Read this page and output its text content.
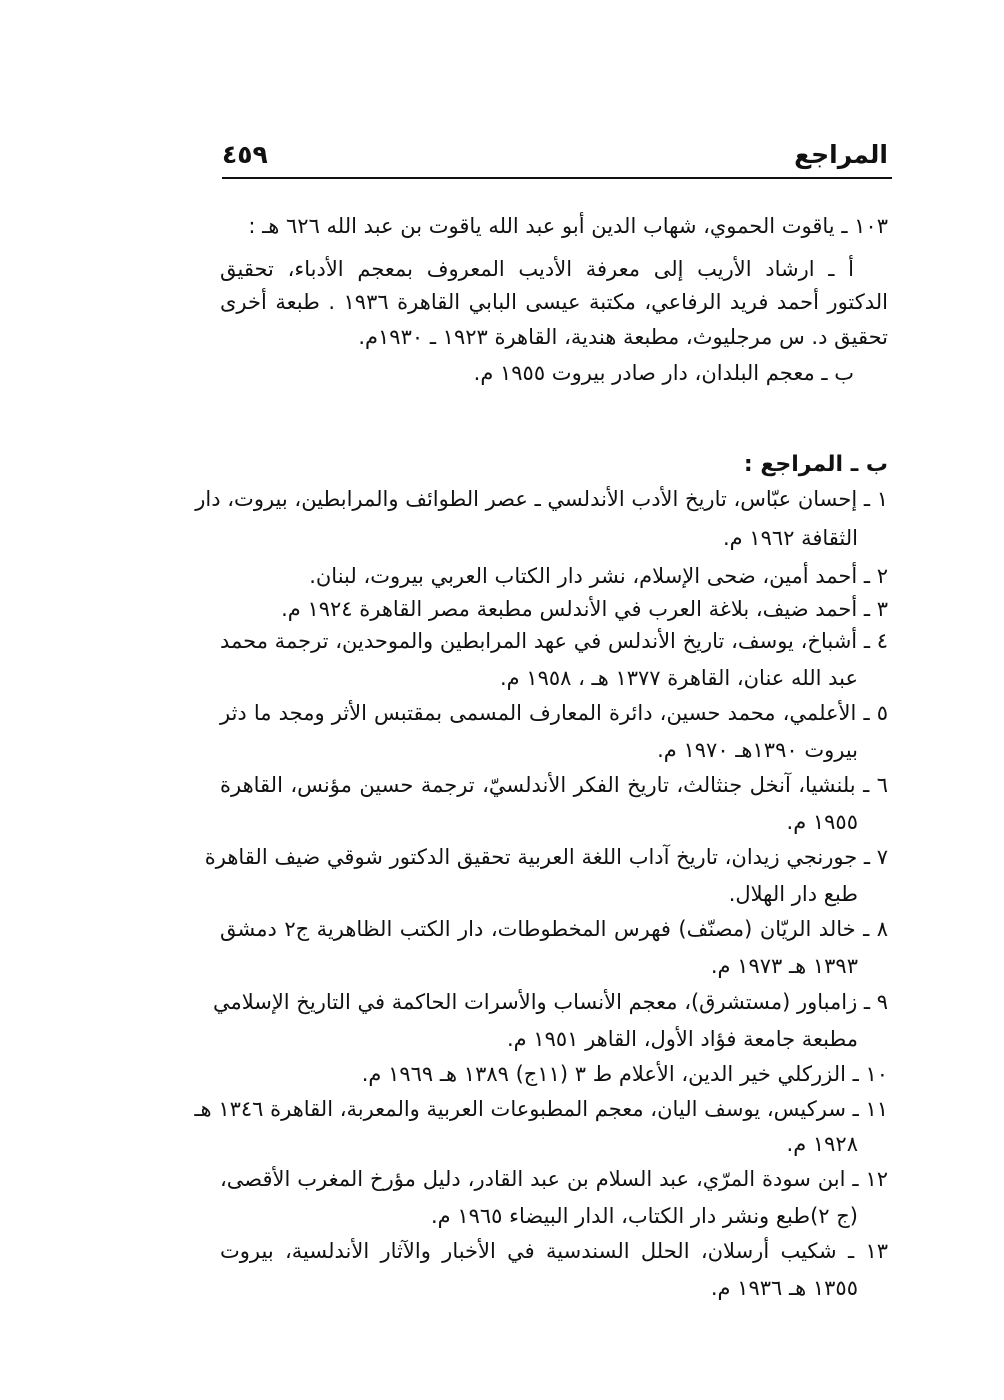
المراجع
٤٥٩
١٠٣ ـ ياقوت الحموي، شهاب الدين أبو عبد الله ياقوت بن عبد الله ٦٢٦ هـ :
أ ـ ارشاد الأريب إلى معرفة الأديب المعروف بمعجم الأدباء، تحقيق
الدكتور أحمد فريد الرفاعي، مكتبة عيسى البابي القاهرة ١٩٣٦ . طبعة أخرى
تحقيق د. س مرجليوث، مطبعة هندية، القاهرة ١٩٢٣ ـ ١٩٣٠م.
ب ـ معجم البلدان، دار صادر بيروت ١٩٥٥ م.
ب ـ المراجع :
١ ـ إحسان عبّاس، تاريخ الأدب الأندلسي ـ عصر الطوائف والمرابطين، بيروت، دار
الثقافة ١٩٦٢ م.
٢ ـ أحمد أمين، ضحى الإسلام، نشر دار الكتاب العربي بيروت، لبنان.
٣ ـ أحمد ضيف، بلاغة العرب في الأندلس مطبعة مصر القاهرة ١٩٢٤ م.
٤ ـ أشباخ، يوسف، تاريخ الأندلس في عهد المرابطين والموحدين، ترجمة محمد
عبد الله عنان، القاهرة ١٣٧٧ هـ ، ١٩٥٨ م.
٥ ـ الأعلمي، محمد حسين، دائرة المعارف المسمى بمقتبس الأثر ومجد ما دثر
بيروت ١٣٩٠هـ ١٩٧٠ م.
٦ ـ بلنشيا، آنخل جنثالث، تاريخ الفكر الأندلسيّ، ترجمة حسين مؤنس، القاهرة
١٩٥٥ م.
٧ ـ جورنجي زيدان، تاريخ آداب اللغة العربية تحقيق الدكتور شوقي ضيف القاهرة
طبع دار الهلال.
٨ ـ خالد الريّان (مصنّف) فهرس المخطوطات، دار الكتب الظاهرية ج٢ دمشق
١٣٩٣ هـ ١٩٧٣ م.
٩ ـ زامباور (مستشرق)، معجم الأنساب والأسرات الحاكمة في التاريخ الإسلامي
مطبعة جامعة فؤاد الأول، القاهر ١٩٥١ م.
١٠ ـ الزركلي خير الدين، الأعلام ط ٣ (١١ج) ١٣٨٩ هـ ١٩٦٩ م.
١١ ـ سركيس، يوسف اليان، معجم المطبوعات العربية والمعربة، القاهرة ١٣٤٦ هـ
١٩٢٨ م.
١٢ ـ ابن سودة المرّي، عبد السلام بن عبد القادر، دليل مؤرخ المغرب الأقصى،
(ج ٢)طبع ونشر دار الكتاب، الدار البيضاء ١٩٦٥ م.
١٣ ـ شكيب أرسلان، الحلل السندسية في الأخبار والآثار الأندلسية، بيروت
١٣٥٥ هـ ١٩٣٦ م.
